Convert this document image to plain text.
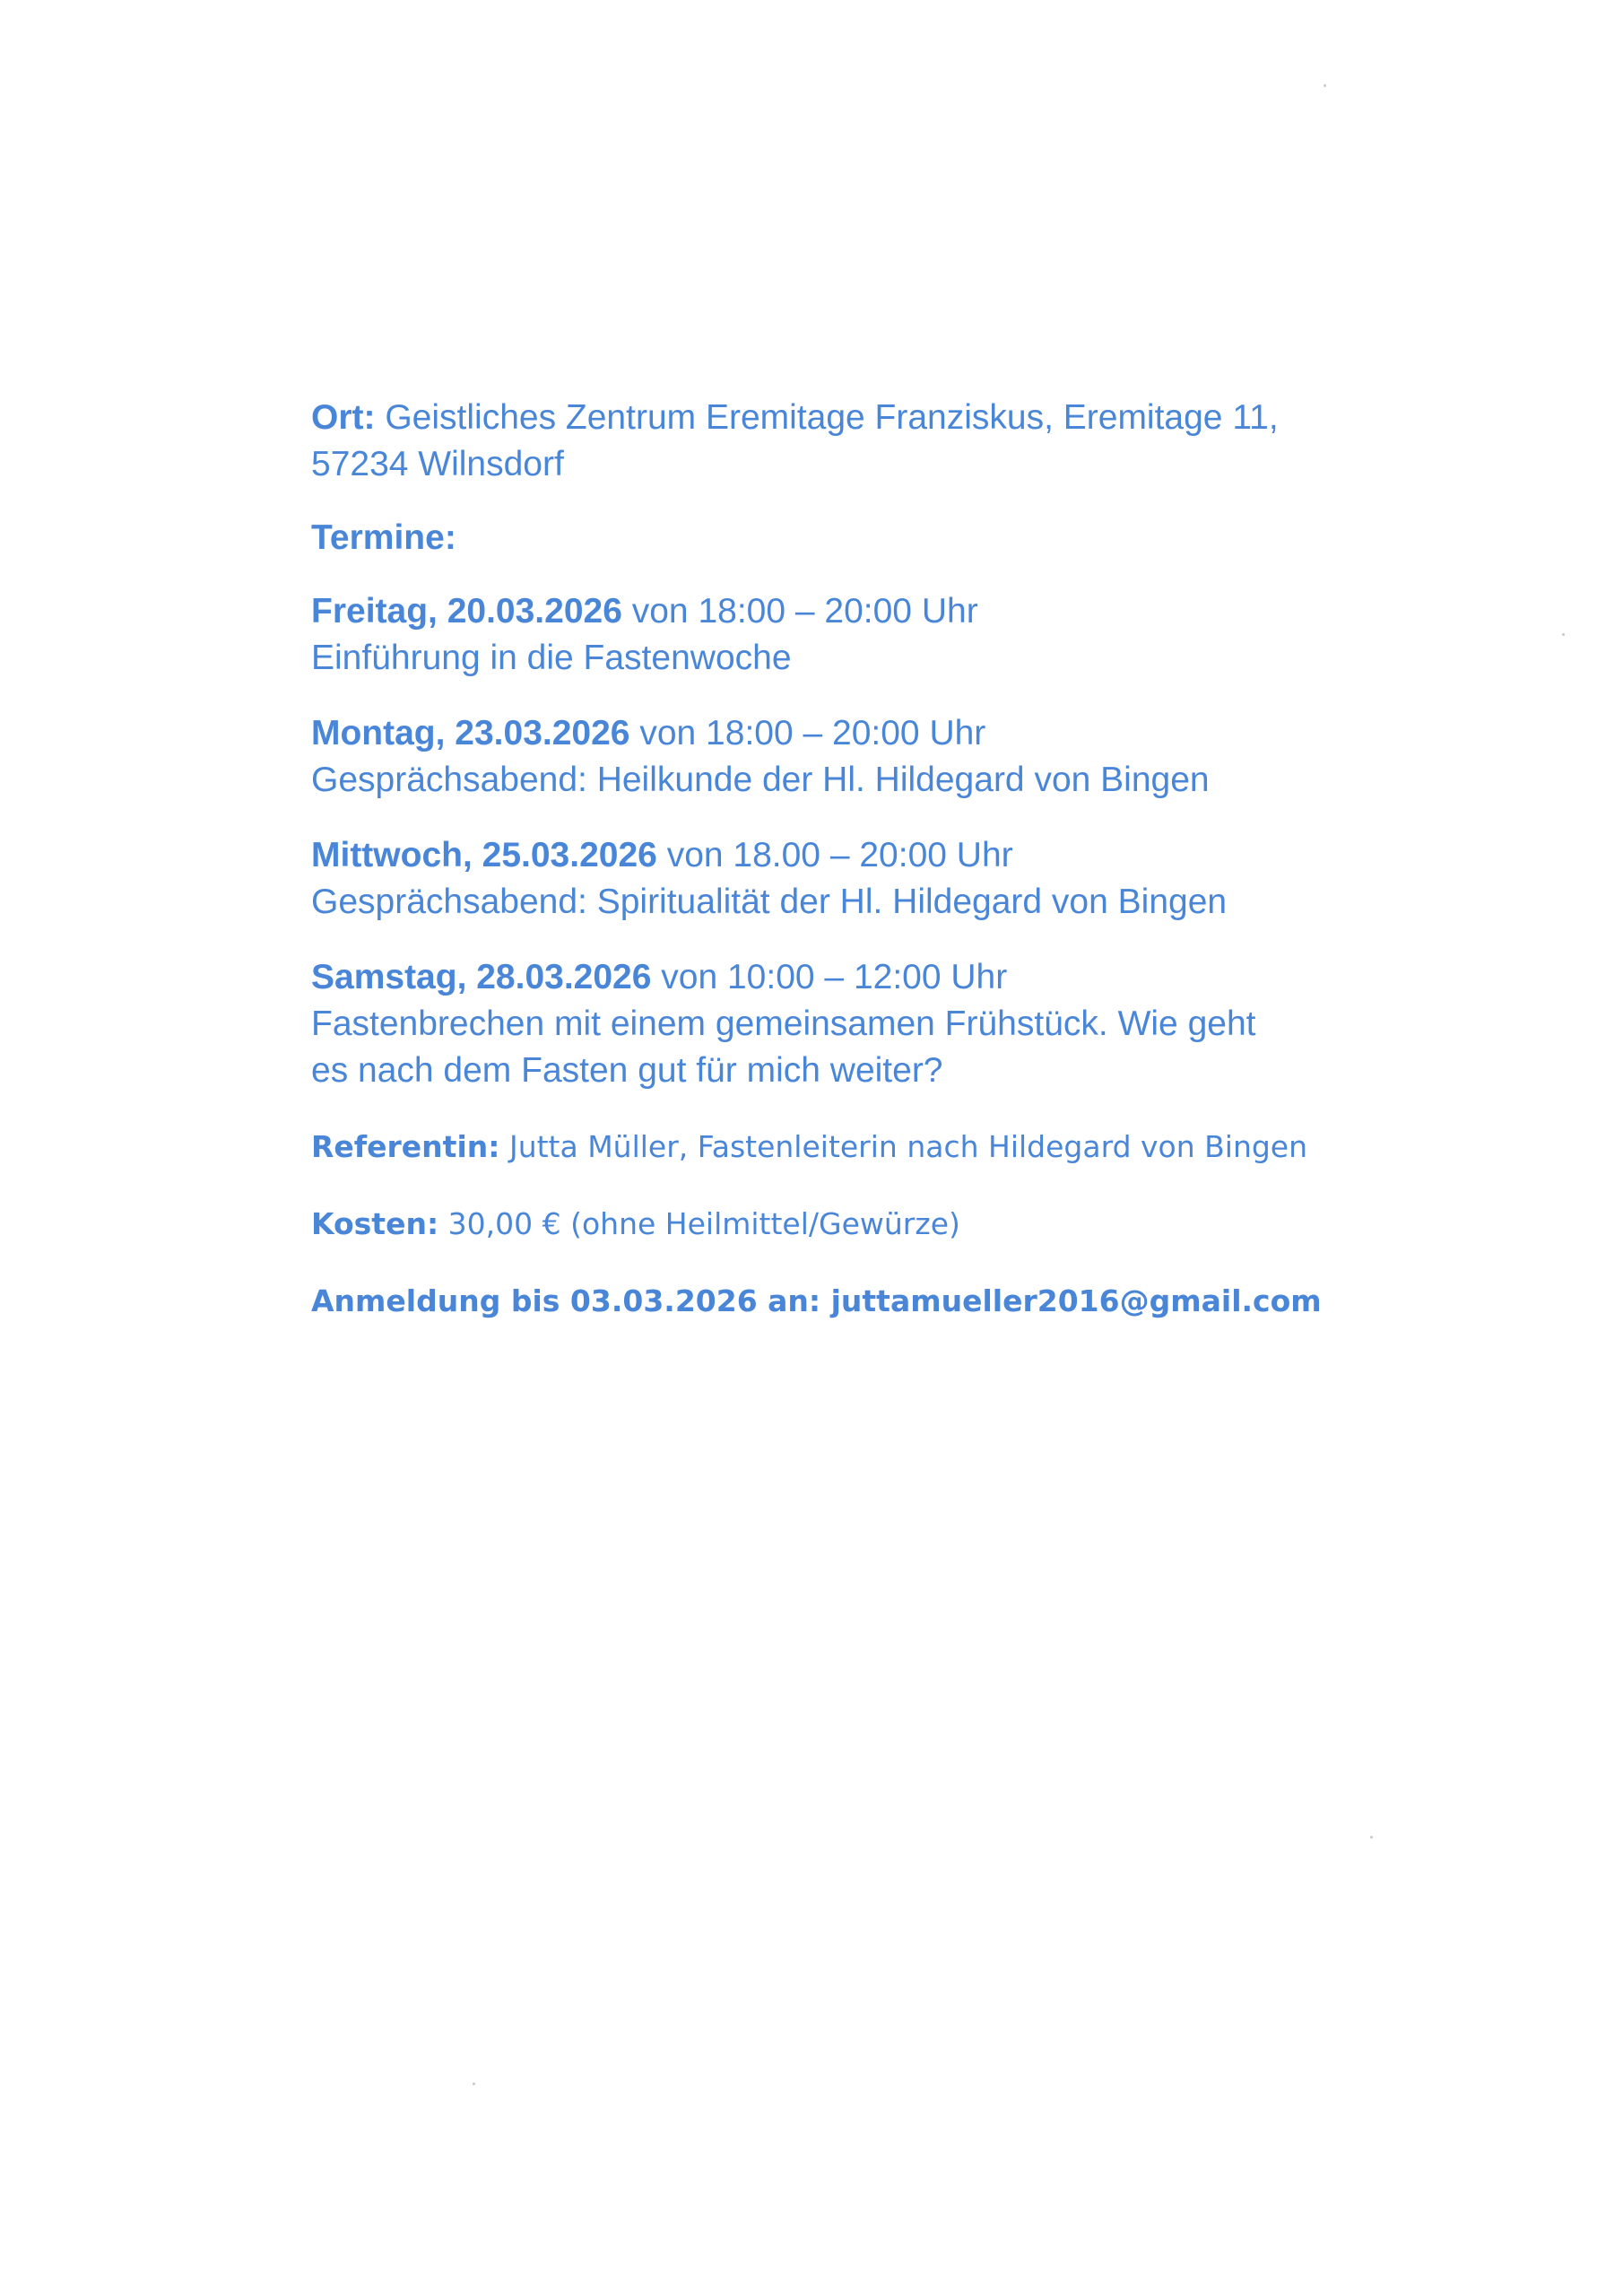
Ort: Geistliches Zentrum Eremitage Franziskus, Eremitage 11,
57234 Wilnsdorf
Termine:
Freitag, 20.03.2026 von 18:00 – 20:00 Uhr
Einführung in die Fastenwoche
Montag, 23.03.2026 von 18:00 – 20:00 Uhr
Gesprächsabend: Heilkunde der Hl. Hildegard von Bingen
Mittwoch, 25.03.2026 von 18.00 – 20:00 Uhr
Gesprächsabend: Spiritualität der Hl. Hildegard von Bingen
Samstag, 28.03.2026 von 10:00 – 12:00 Uhr
Fastenbrechen mit einem gemeinsamen Frühstück. Wie geht
es nach dem Fasten gut für mich weiter?
Referentin: Jutta Müller, Fastenleiterin nach Hildegard von Bingen
Kosten: 30,00 € (ohne Heilmittel/Gewürze)
Anmeldung bis 03.03.2026 an: juttamueller2016@gmail.com
